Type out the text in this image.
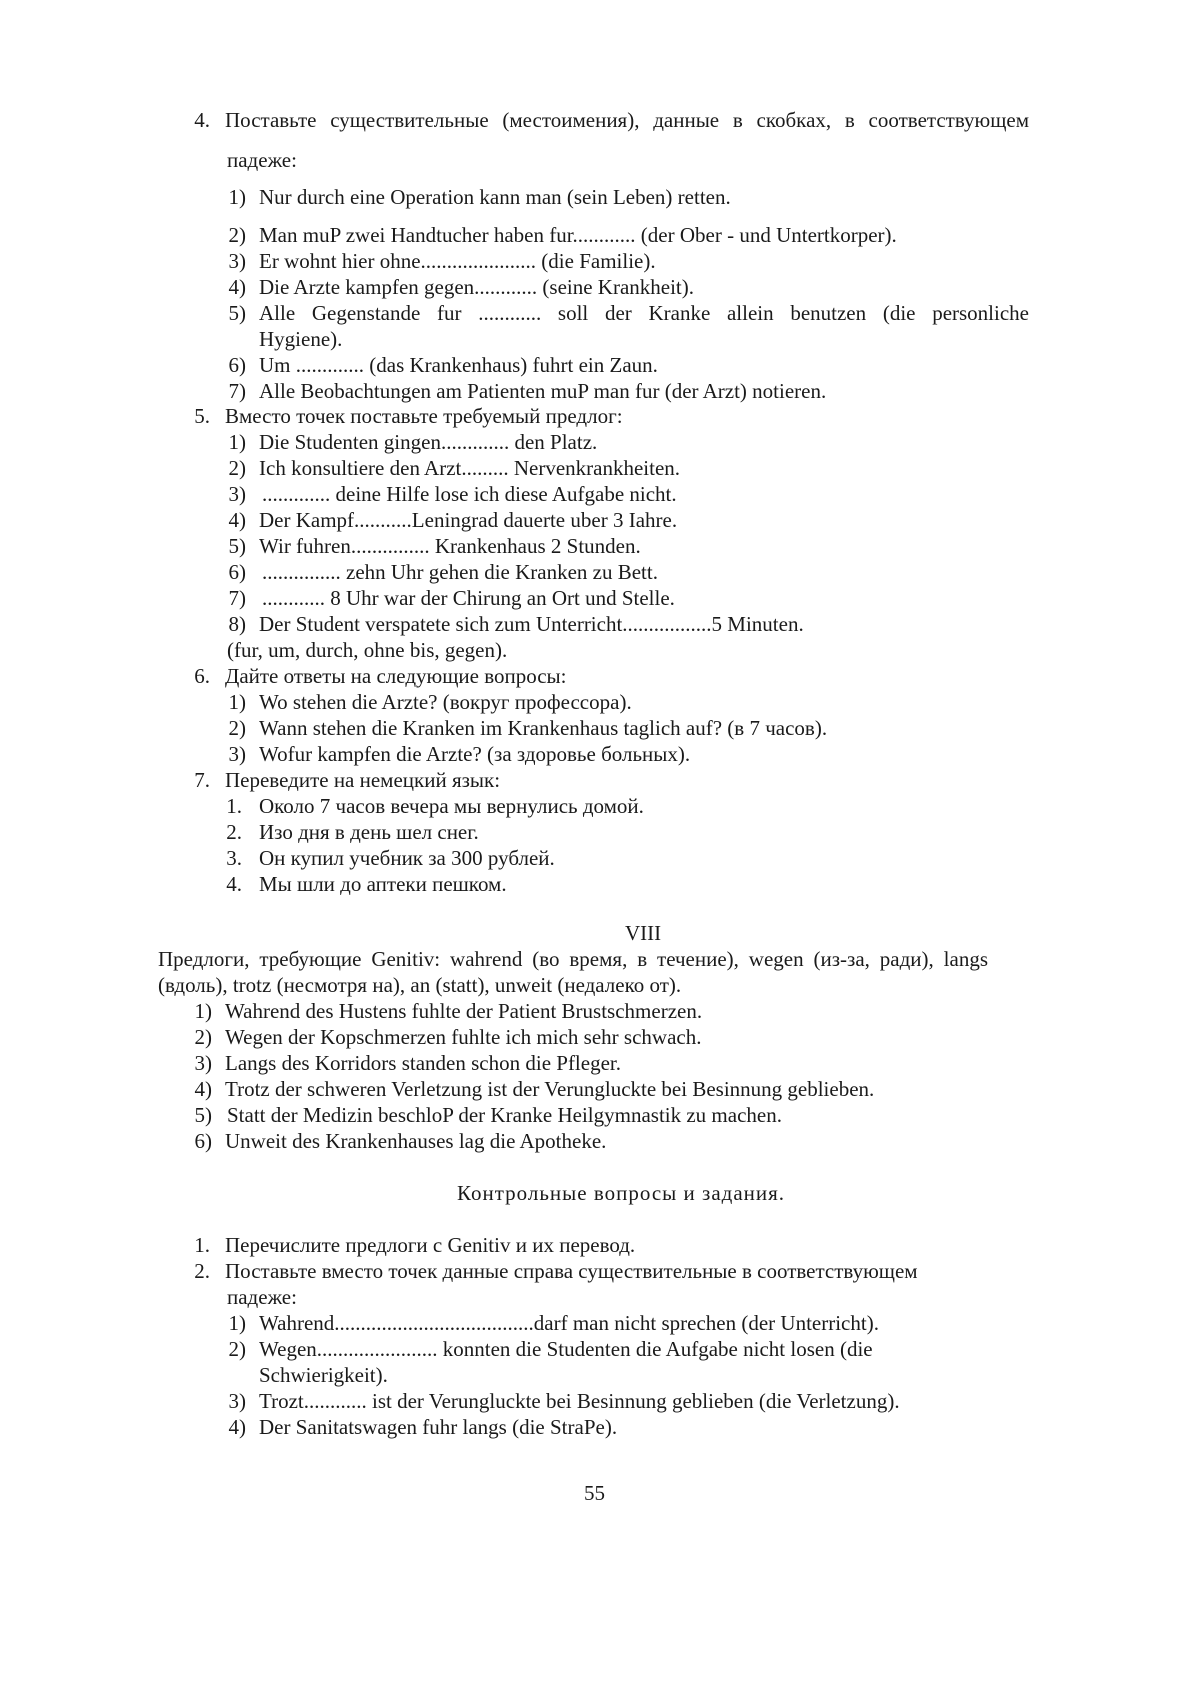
4. Поставьте существительные (местоимения), данные в скобках, в соответствующем
падеже:
1) Nur durch eine Operation kann man (sein Leben) retten.
2) Man muP zwei Handtucher haben fur............ (der Ober - und Untertkorper).
3) Er wohnt hier ohne...................... (die Familie).
4) Die Arzte kampfen gegen............ (seine Krankheit).
5) Alle Gegenstande fur ............ soll der Kranke allein benutzen (die personliche
Hygiene).
6) Um ............. (das Krankenhaus) fuhrt ein Zaun.
7) Alle Beobachtungen am Patienten muP man fur (der Arzt) notieren.
5. Вместо точек поставьте требуемый предлог:
1) Die Studenten gingen............. den Platz.
2) Ich konsultiere den Arzt......... Nervenkrankheiten.
3) ............. deine Hilfe lose ich diese Aufgabe nicht.
4) Der Kampf...........Leningrad dauerte uber 3 Iahre.
5) Wir fuhren............... Krankenhaus 2 Stunden.
6) ............... zehn Uhr gehen die Kranken zu Bett.
7) ............ 8 Uhr war der Chirung an Ort und Stelle.
8) Der Student verspatete sich zum Unterricht.................5 Minuten.
(fur, um, durch, ohne bis, gegen).
6. Дайте ответы на следующие вопросы:
1) Wo stehen die Arzte? (вокруг профессора).
2) Wann stehen die Kranken im Krankenhaus taglich auf? (в 7 часов).
3) Wofur kampfen die Arzte? (за здоровье больных).
7. Переведите на немецкий язык:
1. Около 7 часов вечера мы вернулись домой.
2. Изо дня в день шел снег.
3. Он купил учебник за 300 рублей.
4. Мы шли до аптеки пешком.
VIII
Предлоги, требующие Genitiv: wahrend (во время, в течение), wegen (из-за, ради), langs
(вдоль), trotz (несмотря на), an (statt), unweit (недалеко от).
1) Wahrend des Hustens fuhlte der Patient Brustschmerzen.
2) Wegen der Kopschmerzen fuhlte ich mich sehr schwach.
3) Langs des Korridors standen schon die Pfleger.
4) Trotz der schweren Verletzung ist der Verungluckte bei Besinnung geblieben.
5) Statt der Medizin beschloP der Kranke Heilgymnastik zu machen.
6) Unweit des Krankenhauses lag die Apotheke.
Контрольные вопросы и задания.
1. Перечислите предлоги с Genitiv и их перевод.
2. Поставьте вместо точек данные справа существительные в соответствующем
падеже:
1) Wahrend......................................darf man nicht sprechen (der Unterricht).
2) Wegen....................... konnten die Studenten die Aufgabe nicht losen (die
Schwierigkeit).
3) Trozt............ ist der Verungluckte bei Besinnung geblieben (die Verletzung).
4) Der Sanitatswagen fuhr langs (die StraPe).
55
